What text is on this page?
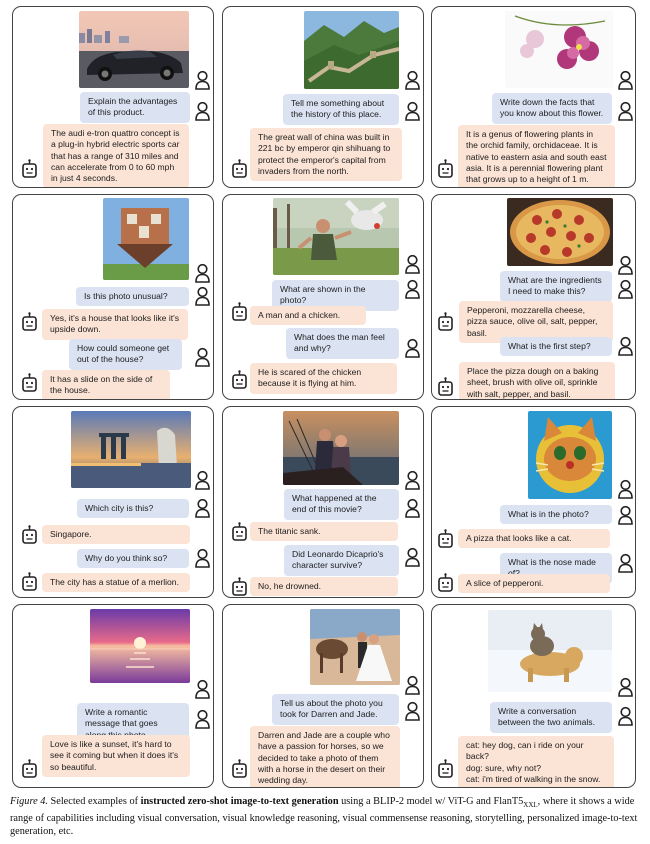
Explain the advantages of this product.
The audi e-tron quattro concept is a plug-in hybrid electric sports car that has a range of 310 miles and can accelerate from 0 to 60 mph in just 4 seconds.
Tell me something about the history of this place.
The great wall of china was built in 221 bc by emperor qin shihuang to protect the emperor's capital from invaders from the north.
Write down the facts that you know about this flower.
It is a genus of flowering plants in the orchid family, orchidaceae. It is native to eastern asia and south east asia. It is a perennial flowering plant that grows up to a height of 1 m.
Is this photo unusual?
Yes, it's a house that looks like it's upside down.
How could someone get out of the house?
It has a slide on the side of the house.
What are shown in the photo?
A man and a chicken.
What does the man feel and why?
He is scared of the chicken because it is flying at him.
What are the ingredients I need to make this?
Pepperoni, mozzarella cheese, pizza sauce, olive oil, salt, pepper, basil.
What is the first step?
Place the pizza dough on a baking sheet, brush with olive oil, sprinkle with salt, pepper, and basil.
Which city is this?
Singapore.
Why do you think so?
The city has a statue of a merlion.
What happened at the end of this movie?
The titanic sank.
Did Leonardo Dicaprio's character survive?
No, he drowned.
What is in the photo?
A pizza that looks like a cat.
What is the nose made
A slice of pepperoni.
Write a romantic message that goes
Love is like a sunset, it's hard to see it coming but when it does it's so beautiful.
Tell us about the photo you took for Darren and Jade.
Darren and Jade are a couple who have a passion for horses, so we decided to take a photo of them with a horse in the desert on their wedding day.
Write a conversation between the two animals.
cat: hey dog, can i ride on your back?
dog: sure, why not?
cat: i'm tired of walking in the snow.
Figure 4. Selected examples of instructed zero-shot image-to-text generation using a BLIP-2 model w/ ViT-G and $FlanT5_{XXL}$, where it shows a wide range of capabilities including visual conversation, visual knowledge reasoning, visual commensense reasoning, storytelling, personalized image-to-text generation, etc.
